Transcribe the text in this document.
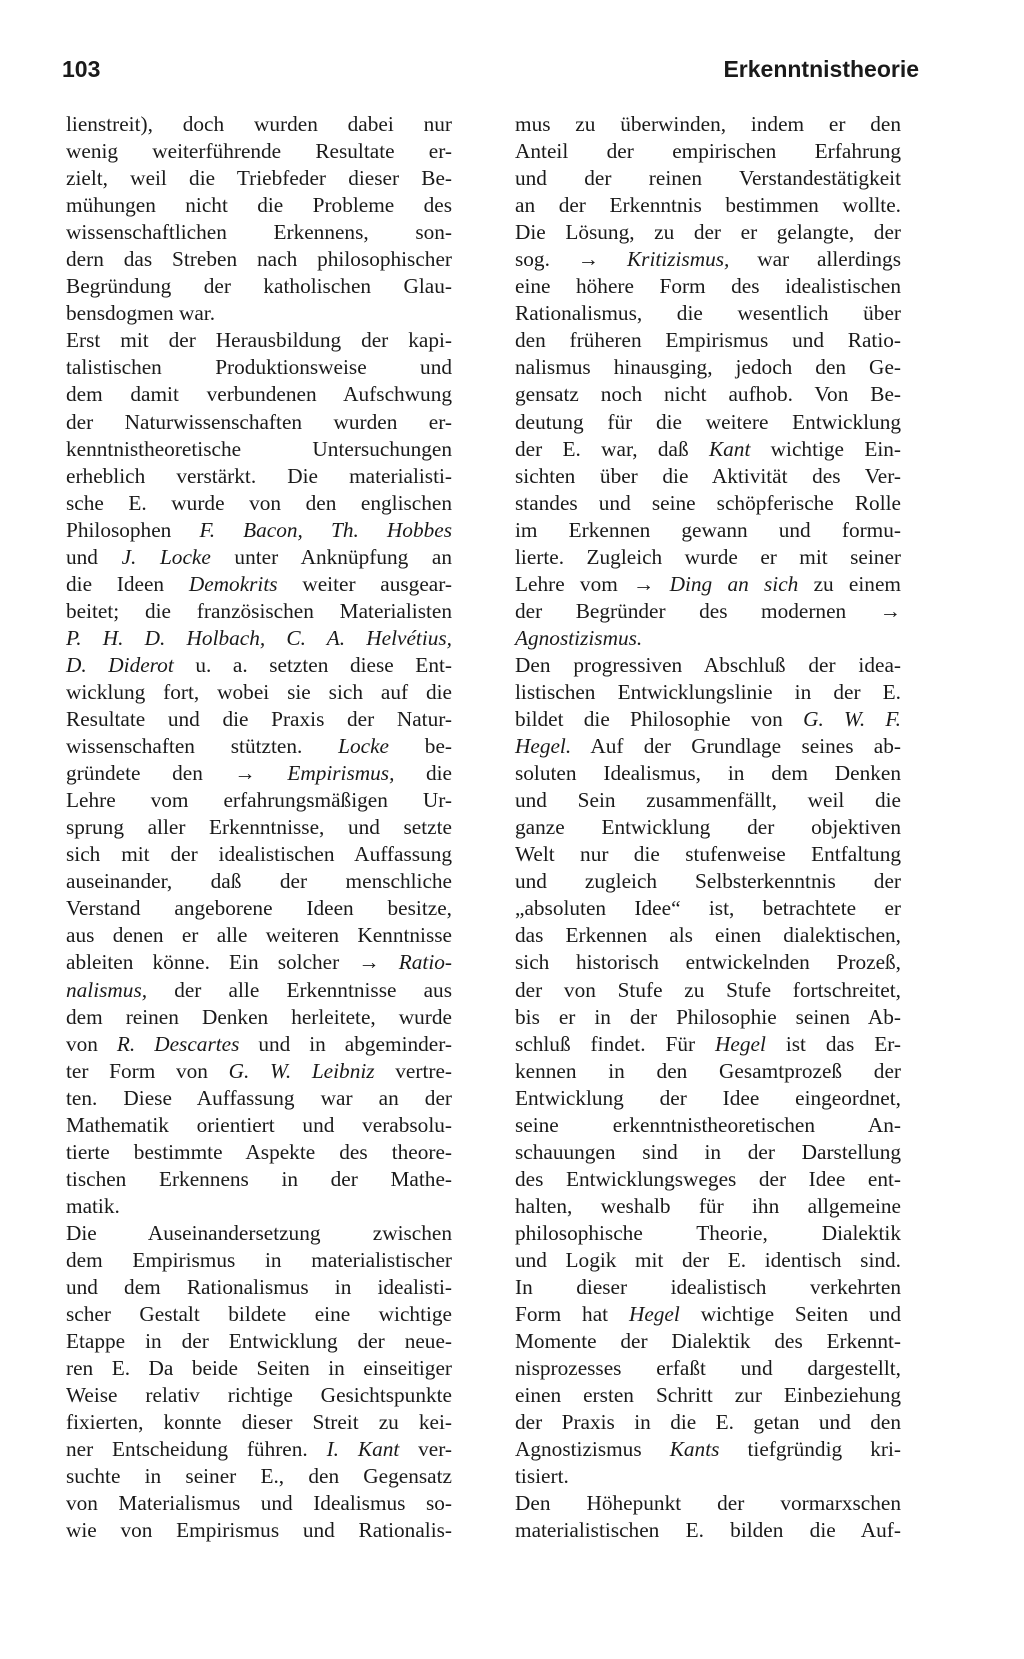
103	Erkenntnistheorie
lienstreit), doch wurden dabei nur
wenig weiterführende Resultate er-
zielt, weil die Triebfeder dieser Be-
mühungen nicht die Probleme des
wissenschaftlichen Erkennens, son-
dern das Streben nach philosophischer
Begründung der katholischen Glau-
bensdogmen war.
Erst mit der Herausbildung der kapi-
talistischen Produktionsweise und
dem damit verbundenen Aufschwung
der Naturwissenschaften wurden er-
kenntnistheoretische Untersuchungen
erheblich verstärkt. Die materialisti-
sche E. wurde von den englischen
Philosophen F. Bacon, Th. Hobbes
und J. Locke unter Anknüpfung an
die Ideen Demokrits weiter ausgear-
beitet; die französischen Materialisten
P. H. D. Holbach, C. A. Helvétius,
D. Diderot u. a. setzten diese Ent-
wicklung fort, wobei sie sich auf die
Resultate und die Praxis der Natur-
wissenschaften stützten. Locke be-
gründete den → Empirismus, die
Lehre vom erfahrungsmäßigen Ur-
sprung aller Erkenntnisse, und setzte
sich mit der idealistischen Auffassung
auseinander, daß der menschliche
Verstand angeborene Ideen besitze,
aus denen er alle weiteren Kenntnisse
ableiten könne. Ein solcher → Ratio-
nalismus, der alle Erkenntnisse aus
dem reinen Denken herleitete, wurde
von R. Descartes und in abgeminder-
ter Form von G. W. Leibniz vertre-
ten. Diese Auffassung war an der
Mathematik orientiert und verabsolu-
tierte bestimmte Aspekte des theore-
tischen Erkennens in der Mathe-
matik.
Die Auseinandersetzung zwischen
dem Empirismus in materialistischer
und dem Rationalismus in idealisti-
scher Gestalt bildete eine wichtige
Etappe in der Entwicklung der neue-
ren E. Da beide Seiten in einseitiger
Weise relativ richtige Gesichtspunkte
fixierten, konnte dieser Streit zu kei-
ner Entscheidung führen. I. Kant ver-
suchte in seiner E., den Gegensatz
von Materialismus und Idealismus so-
wie von Empirismus und Rationalis-
mus zu überwinden, indem er den
Anteil der empirischen Erfahrung
und der reinen Verstandestätigkeit
an der Erkenntnis bestimmen wollte.
Die Lösung, zu der er gelangte, der
sog. → Kritizismus, war allerdings
eine höhere Form des idealistischen
Rationalismus, die wesentlich über
den früheren Empirismus und Ratio-
nalismus hinausging, jedoch den Ge-
gensatz noch nicht aufhob. Von Be-
deutung für die weitere Entwicklung
der E. war, daß Kant wichtige Ein-
sichten über die Aktivität des Ver-
standes und seine schöpferische Rolle
im Erkennen gewann und formu-
lierte. Zugleich wurde er mit seiner
Lehre vom → Ding an sich zu einem
der Begründer des modernen →
Agnostizismus.
Den progressiven Abschluß der idea-
listischen Entwicklungslinie in der E.
bildet die Philosophie von G. W. F.
Hegel. Auf der Grundlage seines ab-
soluten Idealismus, in dem Denken
und Sein zusammenfällt, weil die
ganze Entwicklung der objektiven
Welt nur die stufenweise Entfaltung
und zugleich Selbsterkenntnis der
„absoluten Idee“ ist, betrachtete er
das Erkennen als einen dialektischen,
sich historisch entwickelnden Prozeß,
der von Stufe zu Stufe fortschreitet,
bis er in der Philosophie seinen Ab-
schluß findet. Für Hegel ist das Er-
kennen in den Gesamtprozeß der
Entwicklung der Idee eingeordnet,
seine erkenntnistheoretischen An-
schauungen sind in der Darstellung
des Entwicklungsweges der Idee ent-
halten, weshalb für ihn allgemeine
philosophische Theorie, Dialektik
und Logik mit der E. identisch sind.
In dieser idealistisch verkehrten
Form hat Hegel wichtige Seiten und
Momente der Dialektik des Erkennt-
nisprozesses erfaßt und dargestellt,
einen ersten Schritt zur Einbeziehung
der Praxis in die E. getan und den
Agnostizismus Kants tiefgründig kri-
tisiert.
Den Höhepunkt der vormarxschen
materialistischen E. bilden die Auf-
